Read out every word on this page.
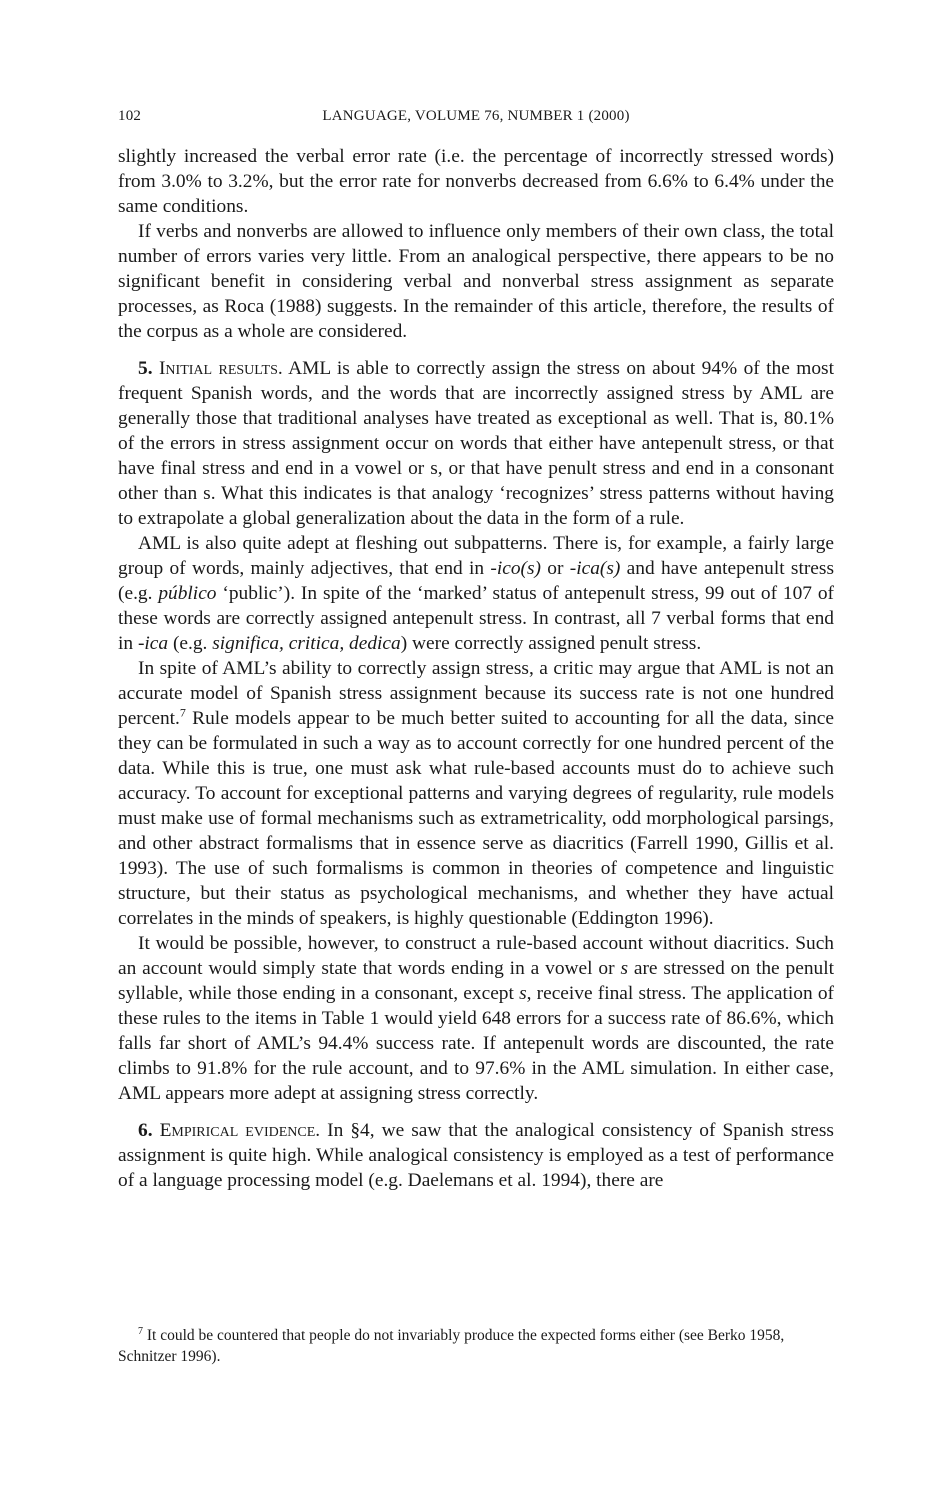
102	LANGUAGE, VOLUME 76, NUMBER 1 (2000)

slightly increased the verbal error rate (i.e. the percentage of incorrectly stressed words) from 3.0% to 3.2%, but the error rate for nonverbs decreased from 6.6% to 6.4% under the same conditions.

If verbs and nonverbs are allowed to influence only members of their own class, the total number of errors varies very little. From an analogical perspective, there appears to be no significant benefit in considering verbal and nonverbal stress assignment as separate processes, as Roca (1988) suggests. In the remainder of this article, therefore, the results of the corpus as a whole are considered.

5. Initial results. AML is able to correctly assign the stress on about 94% of the most frequent Spanish words, and the words that are incorrectly assigned stress by AML are generally those that traditional analyses have treated as exceptional as well. That is, 80.1% of the errors in stress assignment occur on words that either have antepenult stress, or that have final stress and end in a vowel or s, or that have penult stress and end in a consonant other than s. What this indicates is that analogy ‘recognizes’ stress patterns without having to extrapolate a global generalization about the data in the form of a rule.

AML is also quite adept at fleshing out subpatterns. There is, for example, a fairly large group of words, mainly adjectives, that end in -ico(s) or -ica(s) and have antepenult stress (e.g. público ‘public’). In spite of the ‘marked’ status of antepenult stress, 99 out of 107 of these words are correctly assigned antepenult stress. In contrast, all 7 verbal forms that end in -ica (e.g. significa, critica, dedica) were correctly assigned penult stress.

In spite of AML’s ability to correctly assign stress, a critic may argue that AML is not an accurate model of Spanish stress assignment because its success rate is not one hundred percent.$^7$ Rule models appear to be much better suited to accounting for all the data, since they can be formulated in such a way as to account correctly for one hundred percent of the data. While this is true, one must ask what rule-based accounts must do to achieve such accuracy. To account for exceptional patterns and varying degrees of regularity, rule models must make use of formal mechanisms such as extrametricality, odd morphological parsings, and other abstract formalisms that in essence serve as diacritics (Farrell 1990, Gillis et al. 1993). The use of such formalisms is common in theories of competence and linguistic structure, but their status as psychological mechanisms, and whether they have actual correlates in the minds of speakers, is highly questionable (Eddington 1996).

It would be possible, however, to construct a rule-based account without diacritics. Such an account would simply state that words ending in a vowel or s are stressed on the penult syllable, while those ending in a consonant, except s, receive final stress. The application of these rules to the items in Table 1 would yield 648 errors for a success rate of 86.6%, which falls far short of AML’s 94.4% success rate. If antepenult words are discounted, the rate climbs to 91.8% for the rule account, and to 97.6% in the AML simulation. In either case, AML appears more adept at assigning stress correctly.

6. Empirical evidence. In §4, we saw that the analogical consistency of Spanish stress assignment is quite high. While analogical consistency is employed as a test of performance of a language processing model (e.g. Daelemans et al. 1994), there are

$^7$ It could be countered that people do not invariably produce the expected forms either (see Berko 1958, Schnitzer 1996).
